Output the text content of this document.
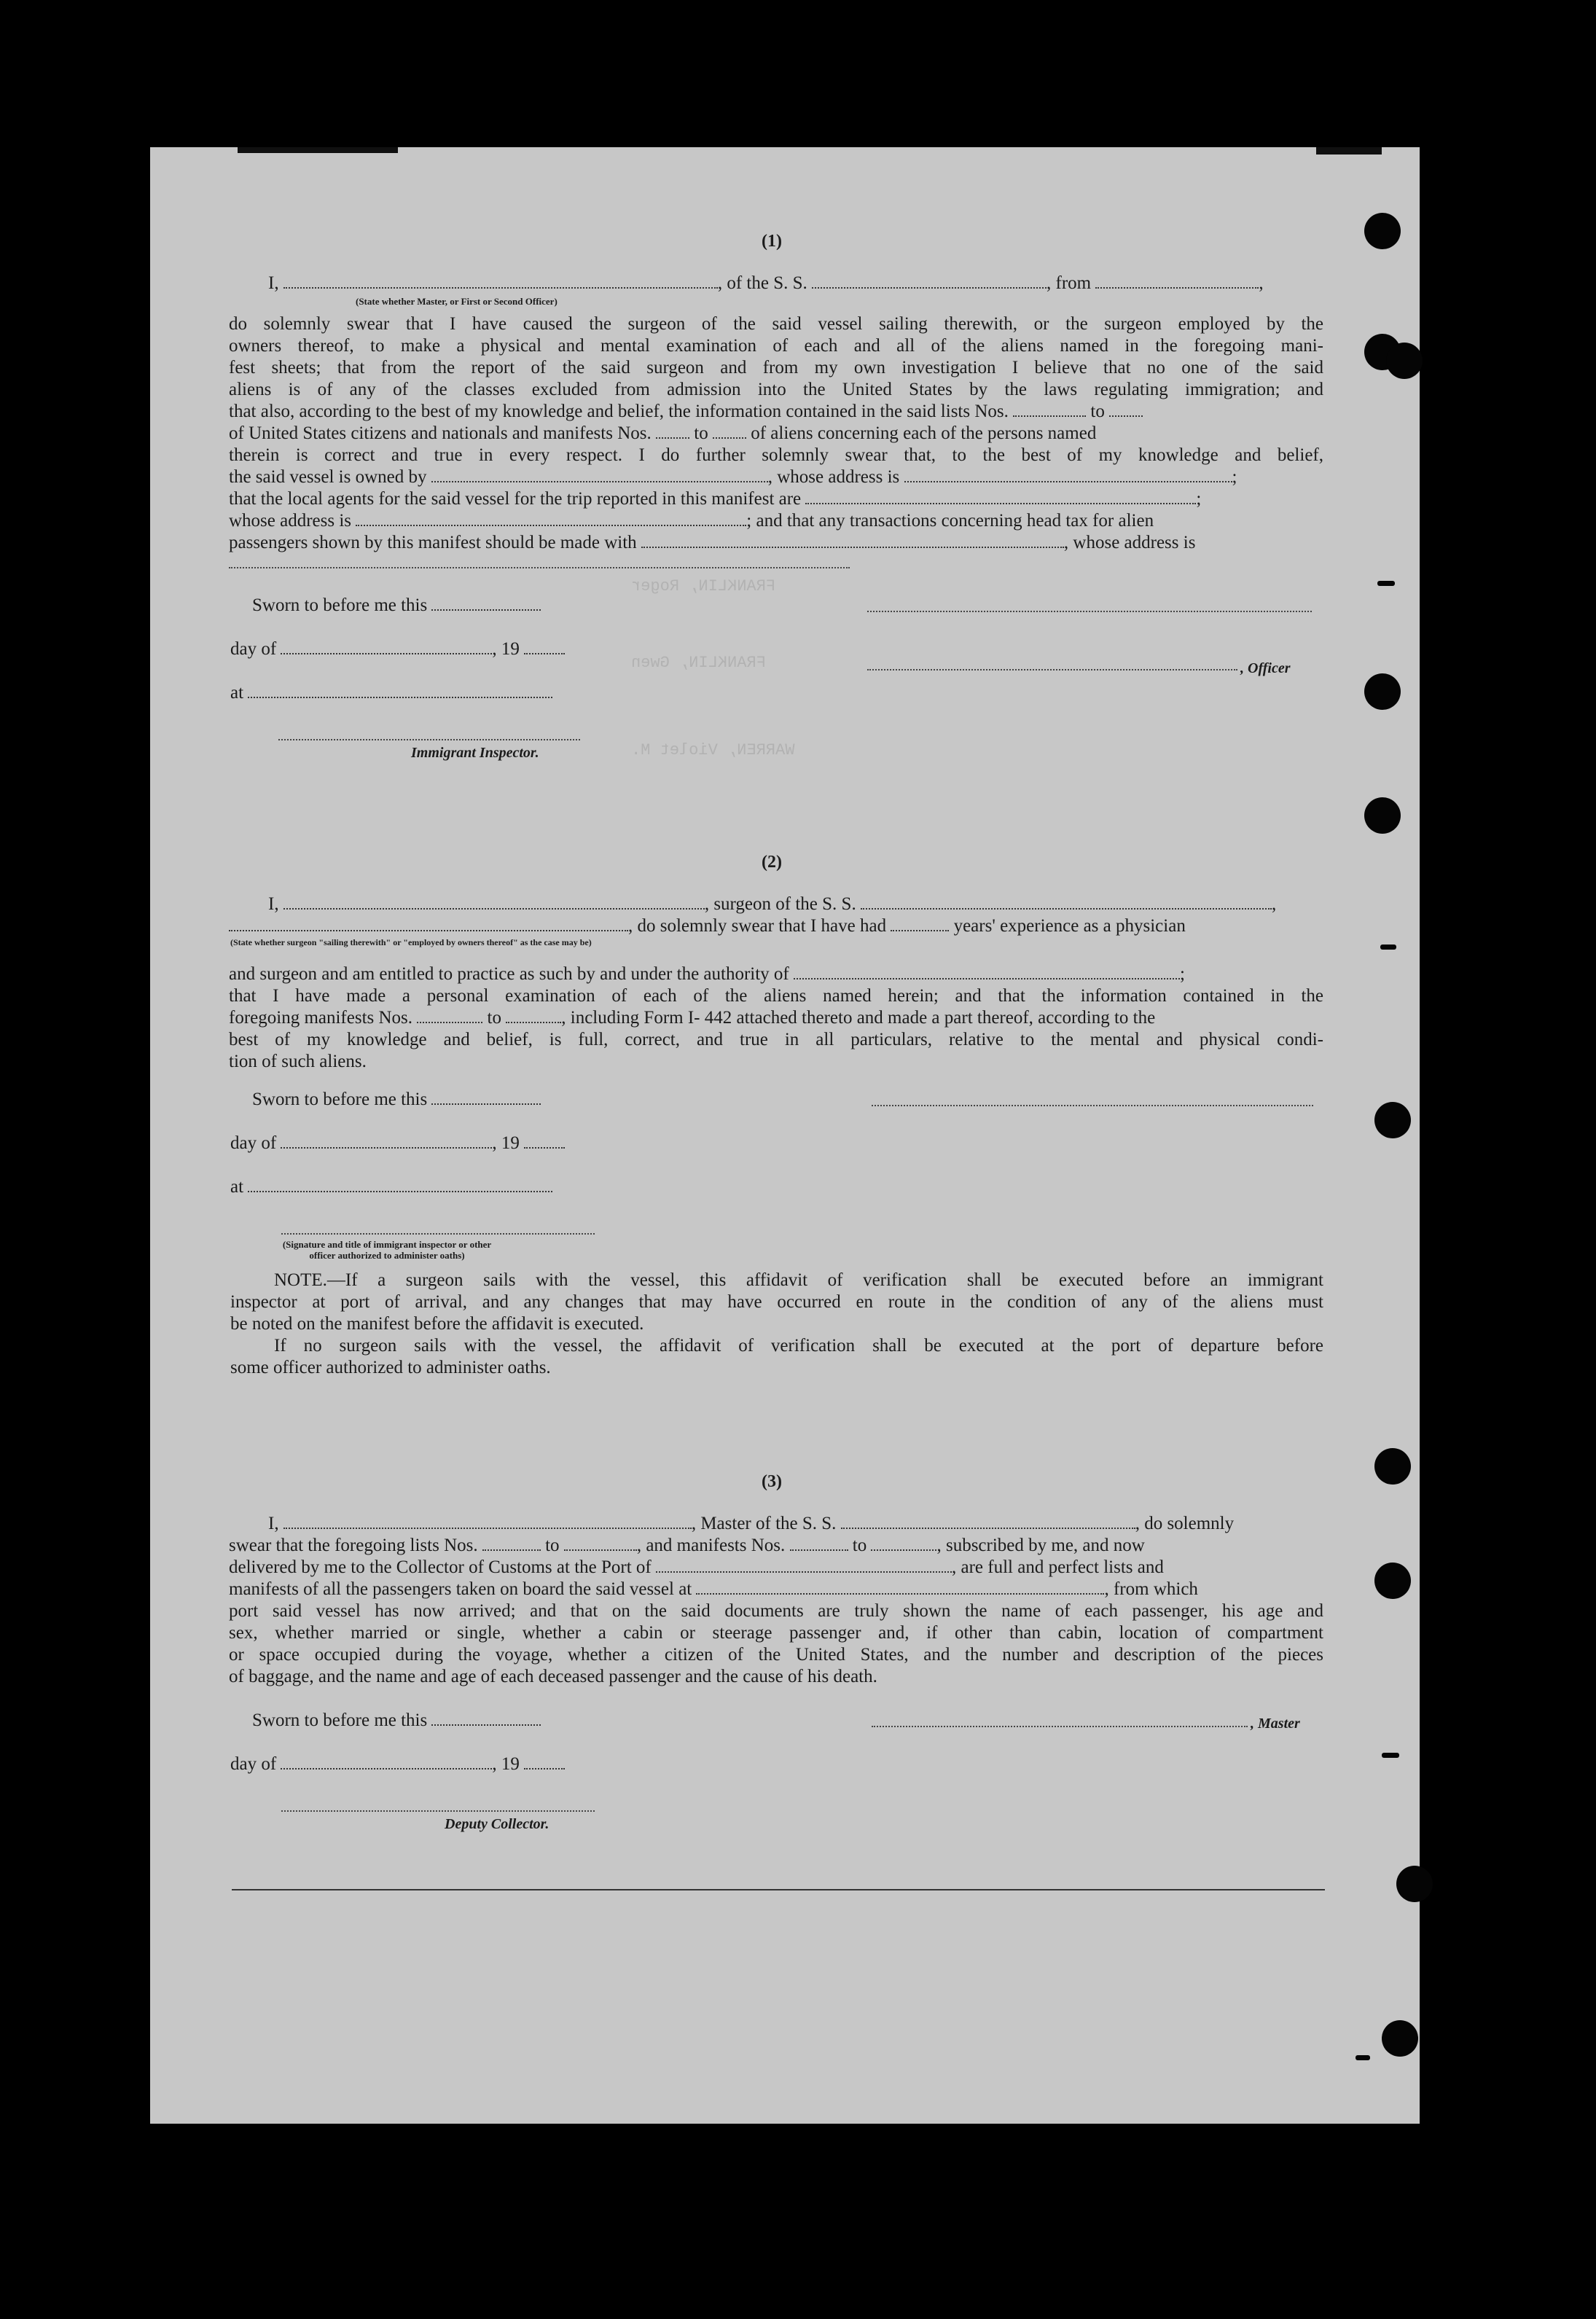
FRANKLIN, Roger
FRANKLIN, Gwen
WARREN, Violet M.
(1)
I,	, of the S. S.	, from	,
(State whether Master, or First or Second Officer)
do solemnly swear that I have caused the surgeon of the said vessel sailing therewith, or the surgeon employed by the
owners thereof, to make a physical and mental examination of each and all of the aliens named in the foregoing mani-
fest sheets; that from the report of the said surgeon and from my own investigation I believe that no one of the said
aliens is of any of the classes excluded from admission into the United States by the laws regulating immigration; and
that also, according to the best of my knowledge and belief, the information contained in the said lists Nos.	to
of United States citizens and nationals and manifests Nos. to of aliens concerning each of the persons named
therein is correct and true in every respect. I do further solemnly swear that, to the best of my knowledge and belief,
the said vessel is owned by	, whose address is	;
that the local agents for the said vessel for the trip reported in this manifest are	;
whose address is	; and that any transactions concerning head tax for alien
passengers shown by this manifest should be made with	, whose address is
Sworn to before me this
day of	, 19
, Officer
at
Immigrant Inspector.
(2)
I,	, surgeon of the S. S.	,
, do solemnly swear that I have had	years' experience as a physician
(State whether surgeon "sailing therewith" or "employed by owners thereof" as the case may be)
and surgeon and am entitled to practice as such by and under the authority of	;
that I have made a personal examination of each of the aliens named herein; and that the information contained in the
foregoing manifests Nos.	to	, including Form I- 442 attached thereto and made a part thereof, according to the
best of my knowledge and belief, is full, correct, and true in all particulars, relative to the mental and physical condi-
tion of such aliens.
Sworn to before me this
day of	, 19
at
(Signature and title of immigrant inspector or other officer authorized to administer oaths)
NOTE.—If a surgeon sails with the vessel, this affidavit of verification shall be executed before an immigrant
inspector at port of arrival, and any changes that may have occurred en route in the condition of any of the aliens must
be noted on the manifest before the affidavit is executed.
If no surgeon sails with the vessel, the affidavit of verification shall be executed at the port of departure before
some officer authorized to administer oaths.
(3)
I,	, Master of the S. S.	, do solemnly
swear that the foregoing lists Nos.	to	, and manifests Nos.	to	, subscribed by me, and now
delivered by me to the Collector of Customs at the Port of	, are full and perfect lists and
manifests of all the passengers taken on board the said vessel at	, from which
port said vessel has now arrived; and that on the said documents are truly shown the name of each passenger, his age and
sex, whether married or single, whether a cabin or steerage passenger and, if other than cabin, location of compartment
or space occupied during the voyage, whether a citizen of the United States, and the number and description of the pieces
of baggage, and the name and age of each deceased passenger and the cause of his death.
Sworn to before me this	, Master
day of	, 19
Deputy Collector.
